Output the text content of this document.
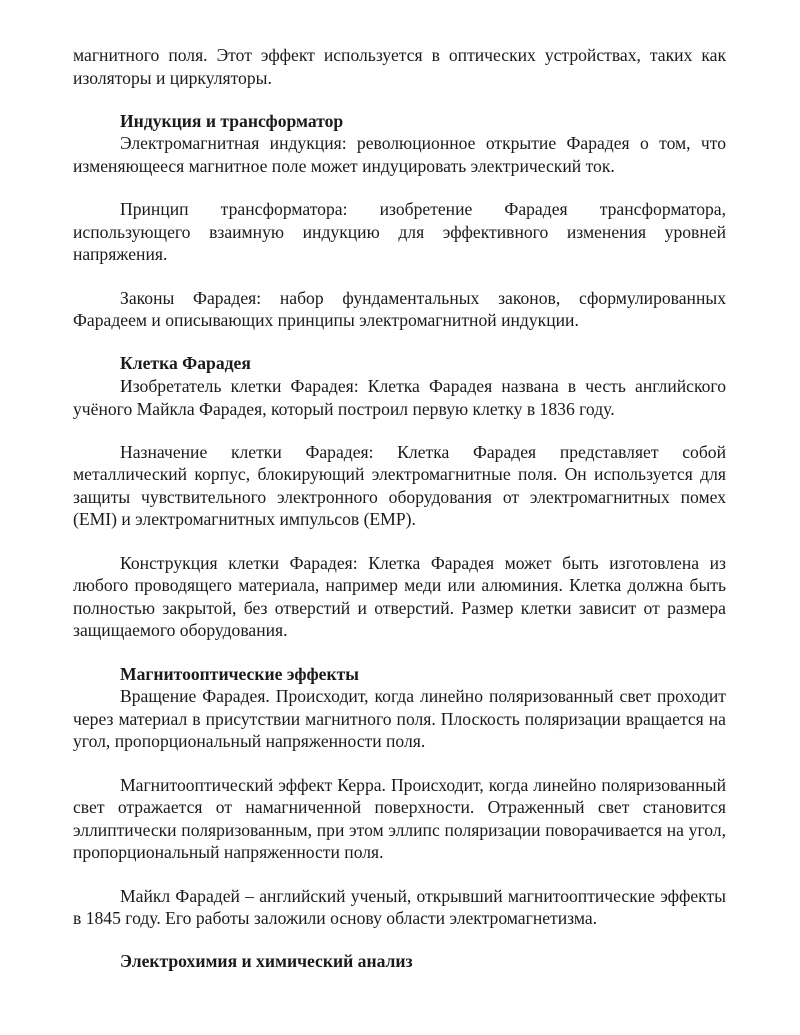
магнитного поля. Этот эффект используется в оптических устройствах, таких как изоляторы и циркуляторы.

Индукция и трансформатор

Электромагнитная индукция: революционное открытие Фарадея о том, что изменяющееся магнитное поле может индуцировать электрический ток.

Принцип трансформатора: изобретение Фарадея трансформатора, использующего взаимную индукцию для эффективного изменения уровней напряжения.

Законы Фарадея: набор фундаментальных законов, сформулированных Фарадеем и описывающих принципы электромагнитной индукции.

Клетка Фарадея

Изобретатель клетки Фарадея: Клетка Фарадея названа в честь английского учёного Майкла Фарадея, который построил первую клетку в 1836 году.

Назначение клетки Фарадея: Клетка Фарадея представляет собой металлический корпус, блокирующий электромагнитные поля. Он используется для защиты чувствительного электронного оборудования от электромагнитных помех (EMI) и электромагнитных импульсов (EMP).

Конструкция клетки Фарадея: Клетка Фарадея может быть изготовлена из любого проводящего материала, например меди или алюминия. Клетка должна быть полностью закрытой, без отверстий и отверстий. Размер клетки зависит от размера защищаемого оборудования.

Магнитооптические эффекты

Вращение Фарадея. Происходит, когда линейно поляризованный свет проходит через материал в присутствии магнитного поля. Плоскость поляризации вращается на угол, пропорциональный напряженности поля.

Магнитооптический эффект Керра. Происходит, когда линейно поляризованный свет отражается от намагниченной поверхности. Отраженный свет становится эллиптически поляризованным, при этом эллипс поляризации поворачивается на угол, пропорциональный напряженности поля.

Майкл Фарадей – английский ученый, открывший магнитооптические эффекты в 1845 году. Его работы заложили основу области электромагнетизма.

Электрохимия и химический анализ
